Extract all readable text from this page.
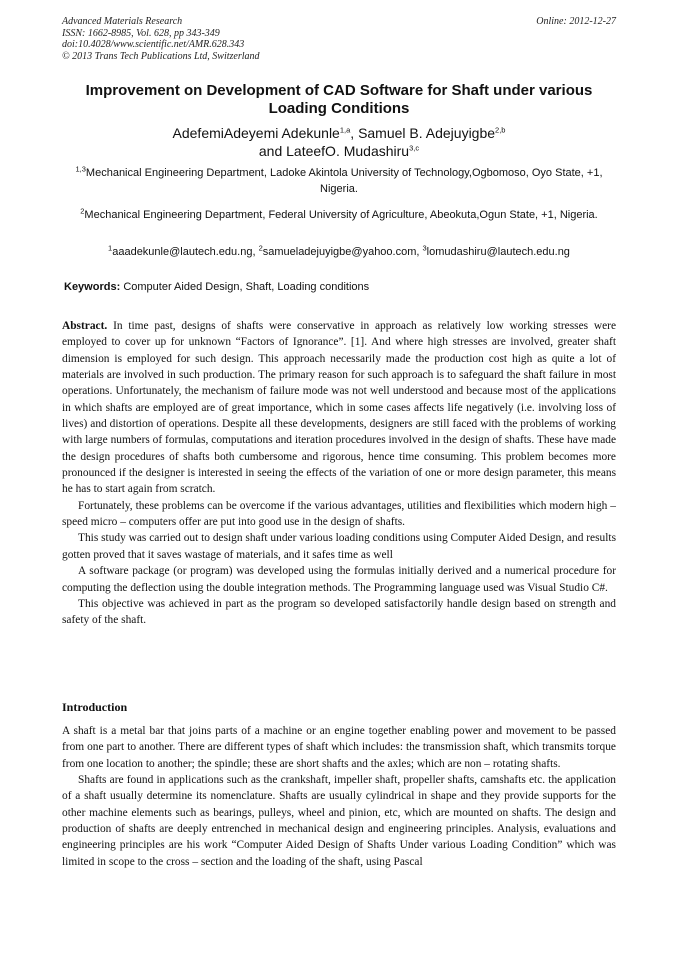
Advanced Materials Research
ISSN: 1662-8985, Vol. 628, pp 343-349
doi:10.4028/www.scientific.net/AMR.628.343
© 2013 Trans Tech Publications Ltd, Switzerland
Online: 2012-12-27
Improvement on Development of CAD Software for Shaft under various Loading Conditions
AdefemiAdeyemi Adekunle$^{1,a}$, Samuel B. Adejuyigbe$^{2,b}$
and LateefO. Mudashiru$^{3,c}$
$^{1,3}$Mechanical Engineering Department, Ladoke Akintola University of Technology,Ogbomoso, Oyo State, +1, Nigeria.
$^2$Mechanical Engineering Department, Federal University of Agriculture, Abeokuta,Ogun State, +1, Nigeria.
$^1$aaadekunle@lautech.edu.ng, $^2$samueladejuyigbe@yahoo.com, $^3$lomudashiru@lautech.edu.ng
Keywords: Computer Aided Design, Shaft, Loading conditions

Abstract. In time past, designs of shafts were conservative in approach as relatively low working stresses were employed to cover up for unknown “Factors of Ignorance”. [1]. And where high stresses are involved, greater shaft dimension is employed for such design. This approach necessarily made the production cost high as quite a lot of materials are involved in such production. The primary reason for such approach is to safeguard the shaft failure in most operations. Unfortunately, the mechanism of failure mode was not well understood and because most of the applications in which shafts are employed are of great importance, which in some cases affects life negatively (i.e. involving loss of lives) and distortion of operations. Despite all these developments, designers are still faced with the problems of working with large numbers of formulas, computations and iteration procedures involved in the design of shafts. These have made the design procedures of shafts both cumbersome and rigorous, hence time consuming. This problem becomes more pronounced if the designer is interested in seeing the effects of the variation of one or more design parameter, this means he has to start again from scratch.

Fortunately, these problems can be overcome if the various advantages, utilities and flexibilities which modern high – speed micro – computers offer are put into good use in the design of shafts.

This study was carried out to design shaft under various loading conditions using Computer Aided Design, and results gotten proved that it saves wastage of materials, and it safes time as well

A software package (or program) was developed using the formulas initially derived and a numerical procedure for computing the deflection using the double integration methods. The Programming language used was Visual Studio C#.

This objective was achieved in part as the program so developed satisfactorily handle design based on strength and safety of the shaft.

Introduction

A shaft is a metal bar that joins parts of a machine or an engine together enabling power and movement to be passed from one part to another. There are different types of shaft which includes: the transmission shaft, which transmits torque from one location to another; the spindle; these are short shafts and the axles; which are non – rotating shafts.

Shafts are found in applications such as the crankshaft, impeller shaft, propeller shafts, camshafts etc. the application of a shaft usually determine its nomenclature. Shafts are usually cylindrical in shape and they provide supports for the other machine elements such as bearings, pulleys, wheel and pinion, etc, which are mounted on shafts. The design and production of shafts are deeply entrenched in mechanical design and engineering principles. Analysis, evaluations and engineering principles are his work “Computer Aided Design of Shafts Under various Loading Condition” which was limited in scope to the cross – section and the loading of the shaft, using Pascal
